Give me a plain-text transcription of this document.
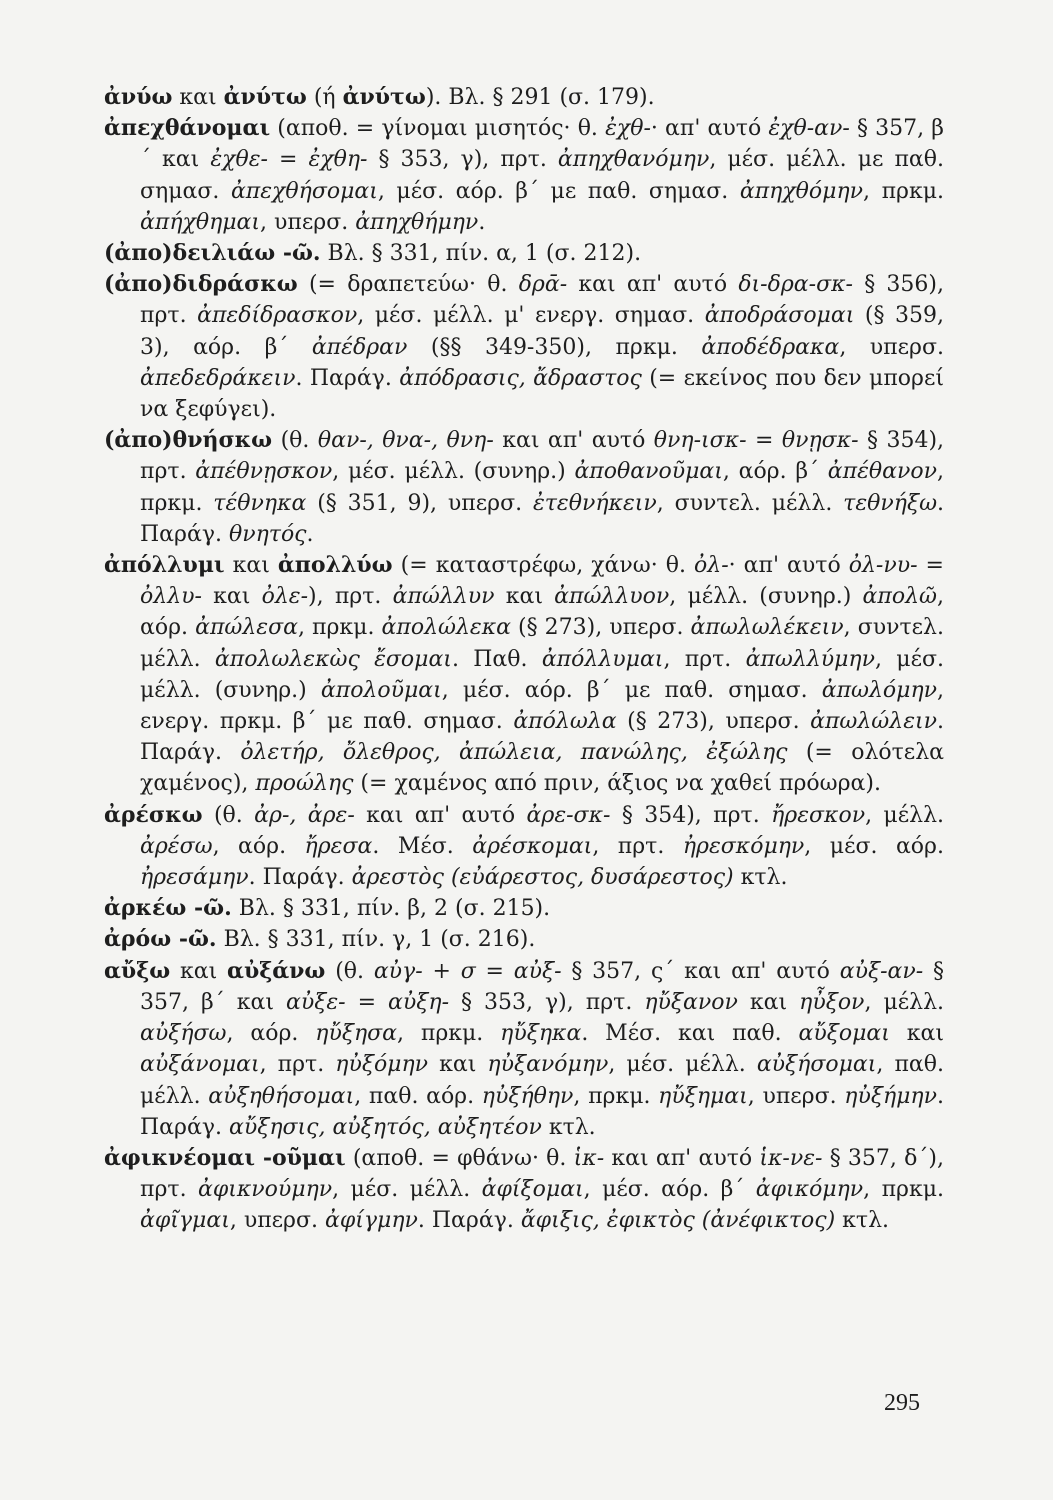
ἀνύω και ἀνύτω (ή ἀνύτω). Βλ. § 291 (σ. 179).

ἀπεχθάνομαι (αποθ. = γίνομαι μισητός· θ. ἐχθ-· απ' αυτό ἐχθ-αν- § 357, β´ και ἐχθε- = ἐχθη- § 353, γ), πρτ. ἀπηχθανόμην, μέσ. μέλλ. με παθ. σημασ. ἀπεχθήσομαι, μέσ. αόρ. β´ με παθ. σημασ. ἀπηχθόμην, πρκμ. ἀπήχθημαι, υπερσ. ἀπηχθήμην.

(ἀπο)δειλιάω -ῶ. Βλ. § 331, πίν. α, 1 (σ. 212).

(ἀπο)διδράσκω (= δραπετεύω· θ. δρᾱ- και απ' αυτό δι-δρα-σκ- § 356), πρτ. ἀπεδίδρασκον, μέσ. μέλλ. μ' ενεργ. σημασ. ἀποδράσομαι (§ 359, 3), αόρ. β´ ἀπέδραν (§§ 349-350), πρκμ. ἀποδέδρακα, υπερσ. ἀπεδεδράκειν. Παράγ. ἀπόδρασις, ἄδραστος (= εκείνος που δεν μπορεί να ξεφύγει).

(ἀπο)θνήσκω (θ. θαν-, θνα-, θνη- και απ' αυτό θνη-ισκ- = θνῃσκ- § 354), πρτ. ἀπέθνῃσκον, μέσ. μέλλ. (συνηρ.) ἀποθανοῦμαι, αόρ. β´ ἀπέθανον, πρκμ. τέθνηκα (§ 351, 9), υπερσ. ἐτεθνήκειν, συντελ. μέλλ. τεθνήξω. Παράγ. θνητός.

ἀπόλλυμι και ἀπολλύω (= καταστρέφω, χάνω· θ. ὀλ-· απ' αυτό ὀλ-νυ- = ὀλλυ- και ὀλε-), πρτ. ἀπώλλυν και ἀπώλλυον, μέλλ. (συνηρ.) ἀπολῶ, αόρ. ἀπώλεσα, πρκμ. ἀπολώλεκα (§ 273), υπερσ. ἀπωλωλέκειν, συντελ. μέλλ. ἀπολωλεκὼς ἔσομαι. Παθ. ἀπόλλυμαι, πρτ. ἀπωλλύμην, μέσ. μέλλ. (συνηρ.) ἀπολοῦμαι, μέσ. αόρ. β´ με παθ. σημασ. ἀπωλόμην, ενεργ. πρκμ. β´ με παθ. σημασ. ἀπόλωλα (§ 273), υπερσ. ἀπωλώλειν. Παράγ. ὀλετήρ, ὄλεθρος, ἀπώλεια, πανώλης, ἐξώλης (= ολότελα χαμένος), προώλης (= χαμένος από πριν, άξιος να χαθεί πρόωρα).

ἀρέσκω (θ. ἀρ-, ἀρε- και απ' αυτό ἀρε-σκ- § 354), πρτ. ἤρεσκον, μέλλ. ἀρέσω, αόρ. ἤρεσα. Μέσ. ἀρέσκομαι, πρτ. ἠρεσκόμην, μέσ. αόρ. ἠρεσάμην. Παράγ. ἀρεστὸς (εὐάρεστος, δυσάρεστος) κτλ.

ἀρκέω -ῶ. Βλ. § 331, πίν. β, 2 (σ. 215).

ἀρόω -ῶ. Βλ. § 331, πίν. γ, 1 (σ. 216).

αὔξω και αὐξάνω (θ. αὐγ- + σ = αὐξ- § 357, ς´ και απ' αυτό αὐξ-αν- § 357, β´ και αὐξε- = αὐξη- § 353, γ), πρτ. ηὔξανον και ηὖξον, μέλλ. αὐξήσω, αόρ. ηὔξησα, πρκμ. ηὔξηκα. Μέσ. και παθ. αὔξομαι και αὐξάνομαι, πρτ. ηὐξόμην και ηὐξανόμην, μέσ. μέλλ. αὐξήσομαι, παθ. μέλλ. αὐξηθήσομαι, παθ. αόρ. ηὐξήθην, πρκμ. ηὔξημαι, υπερσ. ηὐξήμην. Παράγ. αὔξησις, αὐξητός, αὐξητέον κτλ.

ἀφικνέομαι -οῦμαι (αποθ. = φθάνω· θ. ἱκ- και απ' αυτό ἱκ-νε- § 357, δ´), πρτ. ἀφικνούμην, μέσ. μέλλ. ἀφίξομαι, μέσ. αόρ. β´ ἀφικόμην, πρκμ. ἀφῖγμαι, υπερσ. ἀφίγμην. Παράγ. ἄφιξις, ἐφικτὸς (ἀνέφικτος) κτλ.

295
